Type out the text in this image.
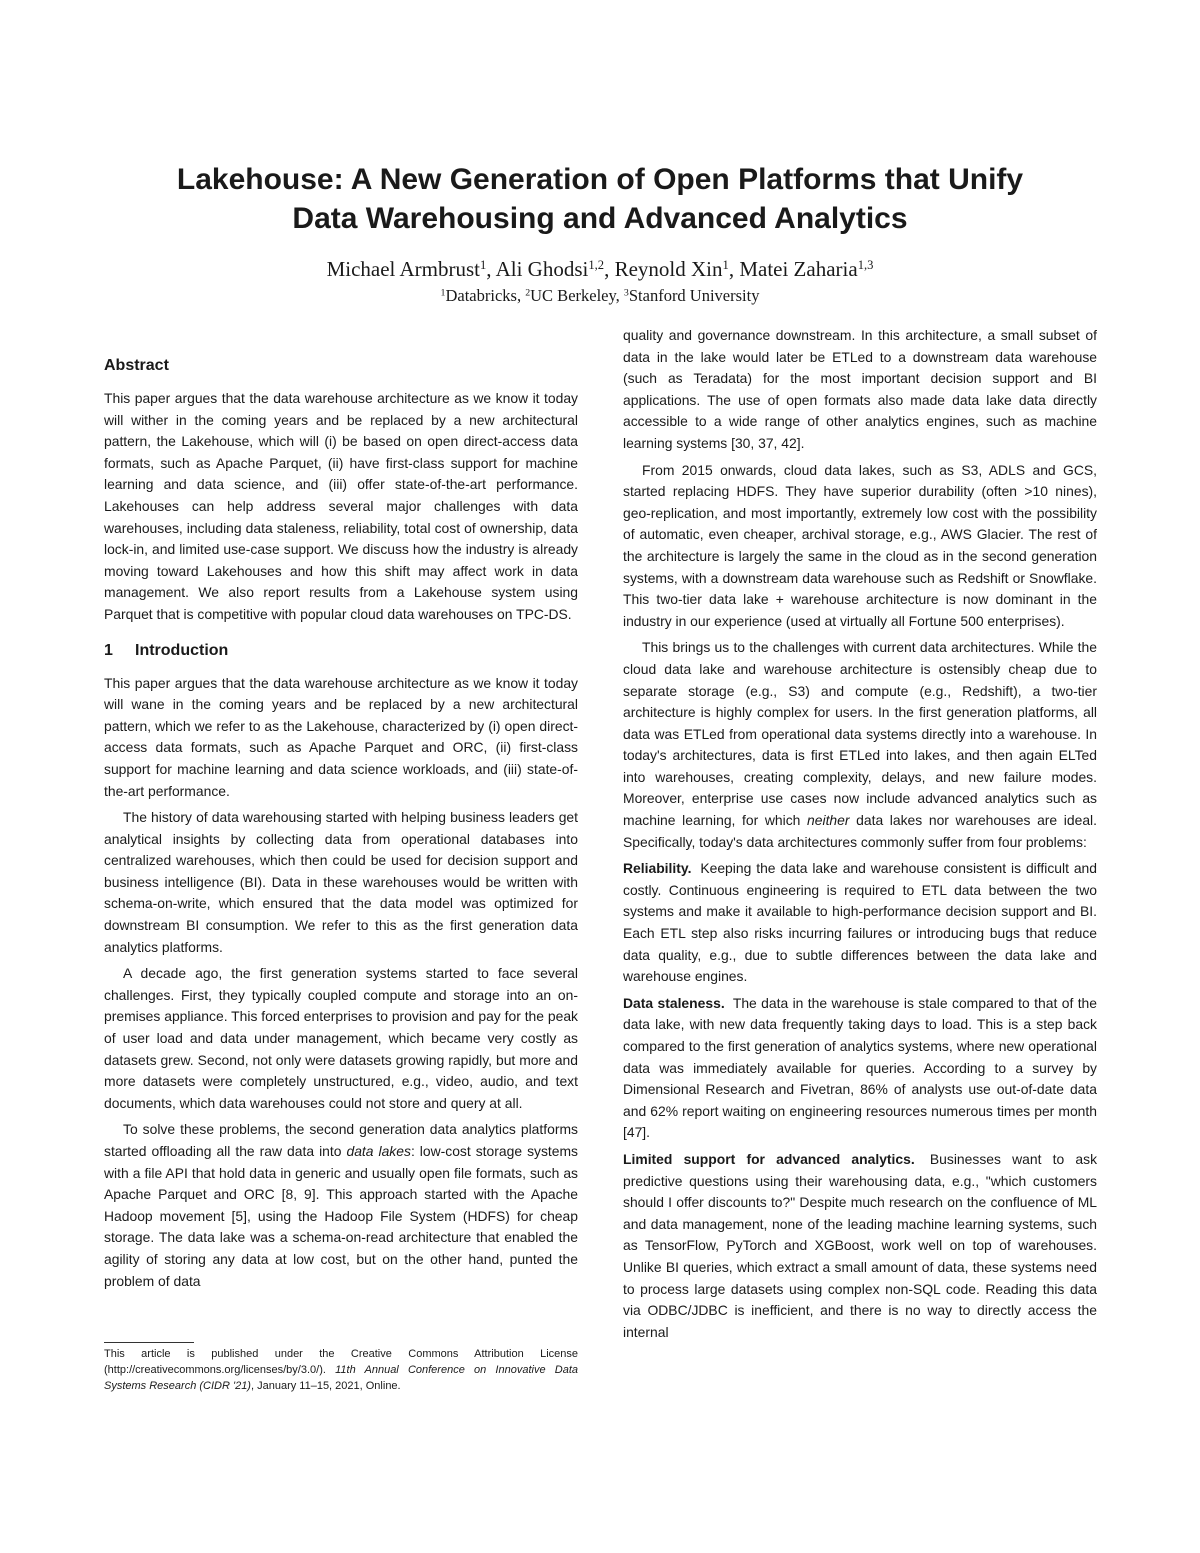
Lakehouse: A New Generation of Open Platforms that Unify
Data Warehousing and Advanced Analytics
Michael Armbrust$^1$, Ali Ghodsi$^{1,2}$, Reynold Xin$^1$, Matei Zaharia$^{1,3}$
$^1$Databricks, $^2$UC Berkeley, $^3$Stanford University
Abstract

This paper argues that the data warehouse architecture as we know it today will wither in the coming years and be replaced by a new architectural pattern, the Lakehouse, which will (i) be based on open direct-access data formats, such as Apache Parquet, (ii) have first-class support for machine learning and data science, and (iii) offer state-of-the-art performance. Lakehouses can help address several major challenges with data warehouses, including data staleness, reliability, total cost of ownership, data lock-in, and limited use-case support. We discuss how the industry is already moving toward Lakehouses and how this shift may affect work in data management. We also report results from a Lakehouse system using Parquet that is competitive with popular cloud data warehouses on TPC-DS.

1 Introduction

This paper argues that the data warehouse architecture as we know it today will wane in the coming years and be replaced by a new architectural pattern, which we refer to as the Lakehouse, characterized by (i) open direct-access data formats, such as Apache Parquet and ORC, (ii) first-class support for machine learning and data science workloads, and (iii) state-of-the-art performance.

The history of data warehousing started with helping business leaders get analytical insights by collecting data from operational databases into centralized warehouses, which then could be used for decision support and business intelligence (BI). Data in these warehouses would be written with schema-on-write, which ensured that the data model was optimized for downstream BI consumption. We refer to this as the first generation data analytics platforms.

A decade ago, the first generation systems started to face several challenges. First, they typically coupled compute and storage into an on-premises appliance. This forced enterprises to provision and pay for the peak of user load and data under management, which became very costly as datasets grew. Second, not only were datasets growing rapidly, but more and more datasets were completely unstructured, e.g., video, audio, and text documents, which data warehouses could not store and query at all.

To solve these problems, the second generation data analytics platforms started offloading all the raw data into data lakes: low-cost storage systems with a file API that hold data in generic and usually open file formats, such as Apache Parquet and ORC [8, 9]. This approach started with the Apache Hadoop movement [5], using the Hadoop File System (HDFS) for cheap storage. The data lake was a schema-on-read architecture that enabled the agility of storing any data at low cost, but on the other hand, punted the problem of data

quality and governance downstream. In this architecture, a small subset of data in the lake would later be ETLed to a downstream data warehouse (such as Teradata) for the most important decision support and BI applications. The use of open formats also made data lake data directly accessible to a wide range of other analytics engines, such as machine learning systems [30, 37, 42].

From 2015 onwards, cloud data lakes, such as S3, ADLS and GCS, started replacing HDFS. They have superior durability (often >10 nines), geo-replication, and most importantly, extremely low cost with the possibility of automatic, even cheaper, archival storage, e.g., AWS Glacier. The rest of the architecture is largely the same in the cloud as in the second generation systems, with a downstream data warehouse such as Redshift or Snowflake. This two-tier data lake + warehouse architecture is now dominant in the industry in our experience (used at virtually all Fortune 500 enterprises).

This brings us to the challenges with current data architectures. While the cloud data lake and warehouse architecture is ostensibly cheap due to separate storage (e.g., S3) and compute (e.g., Redshift), a two-tier architecture is highly complex for users. In the first generation platforms, all data was ETLed from operational data systems directly into a warehouse. In today's architectures, data is first ETLed into lakes, and then again ELTed into warehouses, creating complexity, delays, and new failure modes. Moreover, enterprise use cases now include advanced analytics such as machine learning, for which neither data lakes nor warehouses are ideal. Specifically, today's data architectures commonly suffer from four problems:

Reliability. Keeping the data lake and warehouse consistent is difficult and costly. Continuous engineering is required to ETL data between the two systems and make it available to high-performance decision support and BI. Each ETL step also risks incurring failures or introducing bugs that reduce data quality, e.g., due to subtle differences between the data lake and warehouse engines.

Data staleness. The data in the warehouse is stale compared to that of the data lake, with new data frequently taking days to load. This is a step back compared to the first generation of analytics systems, where new operational data was immediately available for queries. According to a survey by Dimensional Research and Fivetran, 86% of analysts use out-of-date data and 62% report waiting on engineering resources numerous times per month [47].

Limited support for advanced analytics. Businesses want to ask predictive questions using their warehousing data, e.g., "which customers should I offer discounts to?" Despite much research on the confluence of ML and data management, none of the leading machine learning systems, such as TensorFlow, PyTorch and XGBoost, work well on top of warehouses. Unlike BI queries, which extract a small amount of data, these systems need to process large datasets using complex non-SQL code. Reading this data via ODBC/JDBC is inefficient, and there is no way to directly access the internal

This article is published under the Creative Commons Attribution License (http://creativecommons.org/licenses/by/3.0/). 11th Annual Conference on Innovative Data Systems Research (CIDR '21), January 11–15, 2021, Online.
